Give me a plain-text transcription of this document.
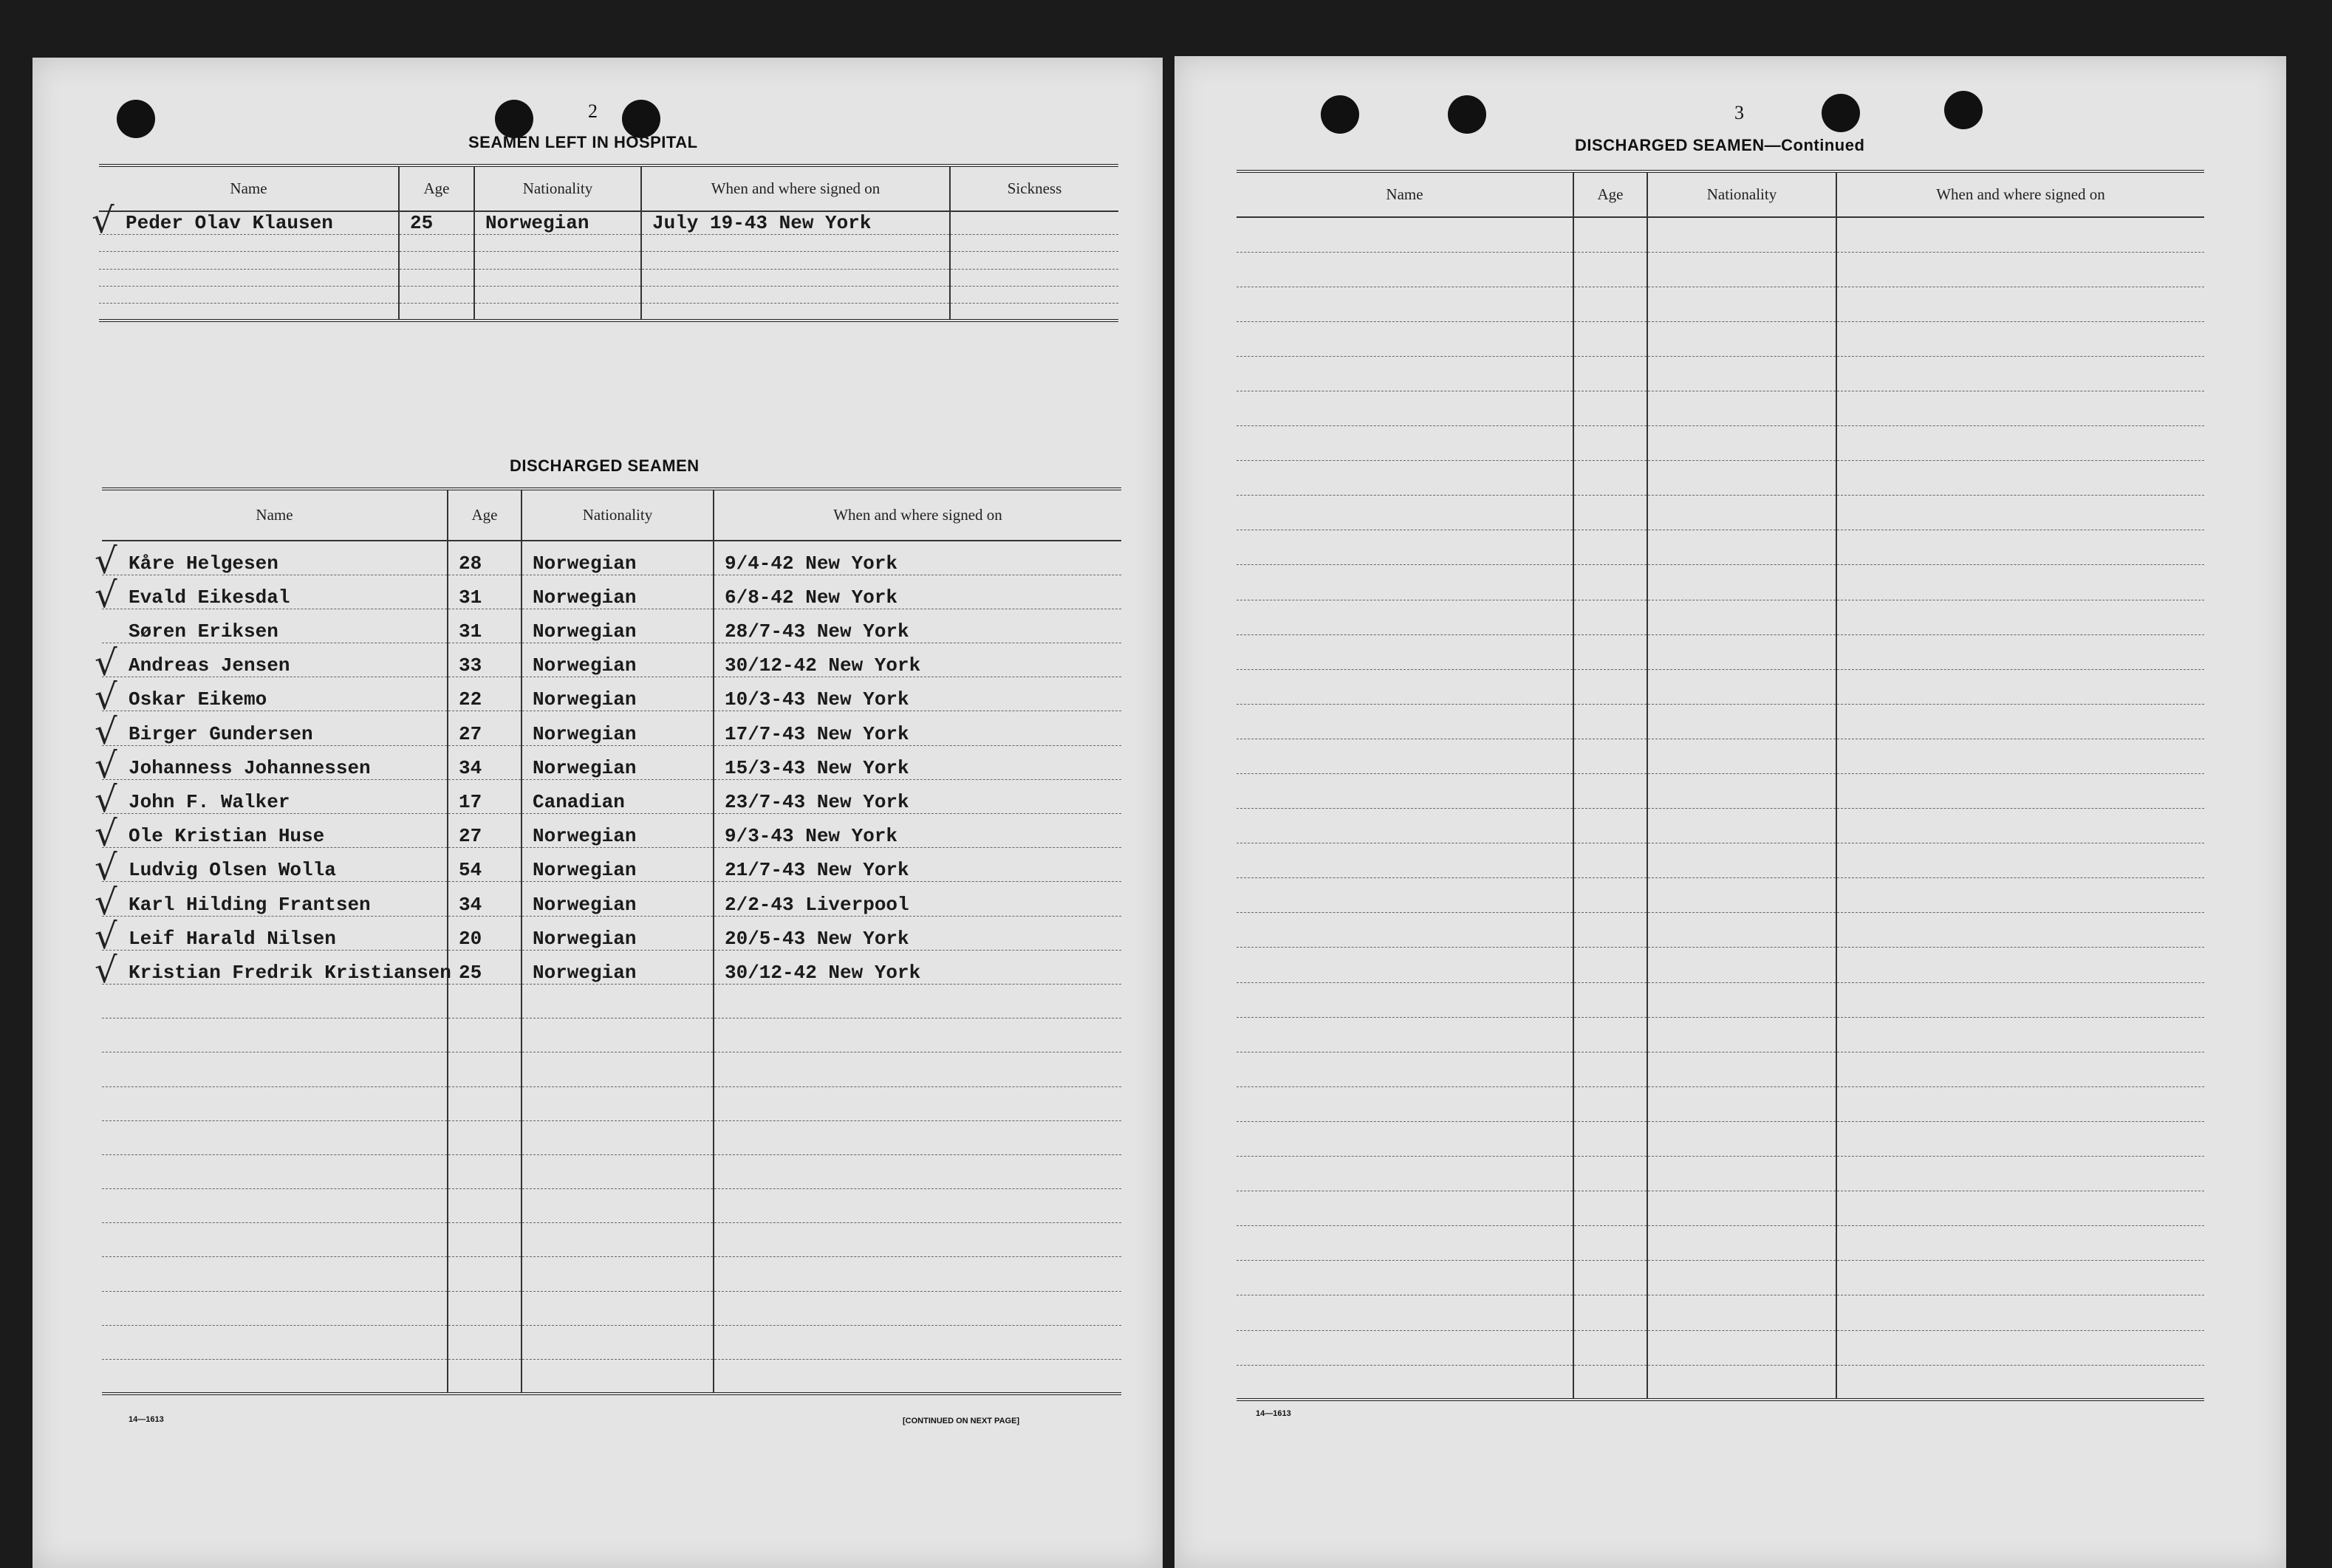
2

SEAMEN LEFT IN HOSPITAL

Name	Age	Nationality	When and where signed on	Sickness

√ Peder Olav Klausen	25	Norwegian	July 19-43 New York	

DISCHARGED SEAMEN

Name	Age	Nationality	When and where signed on

√ Kåre Helgesen	28	Norwegian	9/4-42 New York

√ Evald Eikesdal	31	Norwegian	6/8-42 New York
Søren Eriksen	31	Norwegian	28/7-43 New York

√ Andreas Jensen	33	Norwegian	30/12-42 New York

√ Oskar Eikemo	22	Norwegian	10/3-43 New York

√ Birger Gundersen	27	Norwegian	17/7-43 New York

√ Johanness Johannessen	34	Norwegian	15/3-43 New York

√ John F. Walker	17	Canadian	23/7-43 New York

√ Ole Kristian Huse	27	Norwegian	9/3-43 New York

√ Ludvig Olsen Wolla	54	Norwegian	21/7-43 New York

√ Karl Hilding Frantsen	34	Norwegian	2/2-43 Liverpool

√ Leif Harald Nilsen	20	Norwegian	20/5-43 New York

√ Kristian Fredrik Kristiansen	25	Norwegian	30/12-42 New York

14—1613	[CONTINUED ON NEXT PAGE]

3

DISCHARGED SEAMEN—Continued

Name	Age	Nationality	When and where signed on

14—1613
